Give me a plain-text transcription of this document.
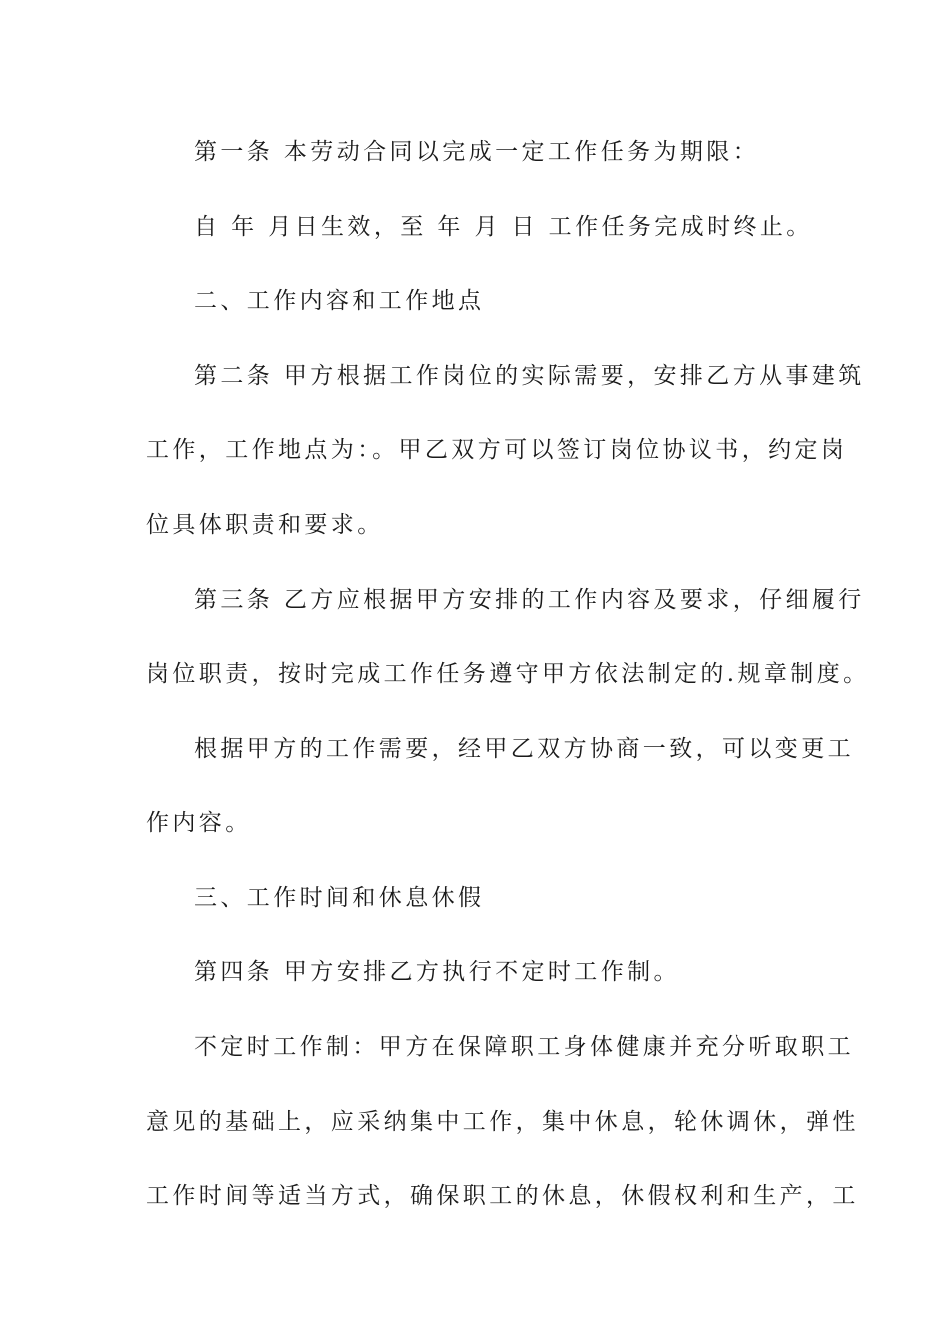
第一条 本劳动合同以完成一定工作任务为期限：
自 年 月日生效，至 年 月 日 工作任务完成时终止。
二、工作内容和工作地点
第二条 甲方根据工作岗位的实际需要，安排乙方从事建筑
工作，工作地点为：。甲乙双方可以签订岗位协议书，约定岗
位具体职责和要求。
第三条 乙方应根据甲方安排的工作内容及要求，仔细履行
岗位职责，按时完成工作任务遵守甲方依法制定的.规章制度。
根据甲方的工作需要，经甲乙双方协商一致，可以变更工
作内容。
三、工作时间和休息休假
第四条 甲方安排乙方执行不定时工作制。
不定时工作制：甲方在保障职工身体健康并充分听取职工
意见的基础上，应采纳集中工作，集中休息，轮休调休，弹性
工作时间等适当方式，确保职工的休息，休假权利和生产，工
